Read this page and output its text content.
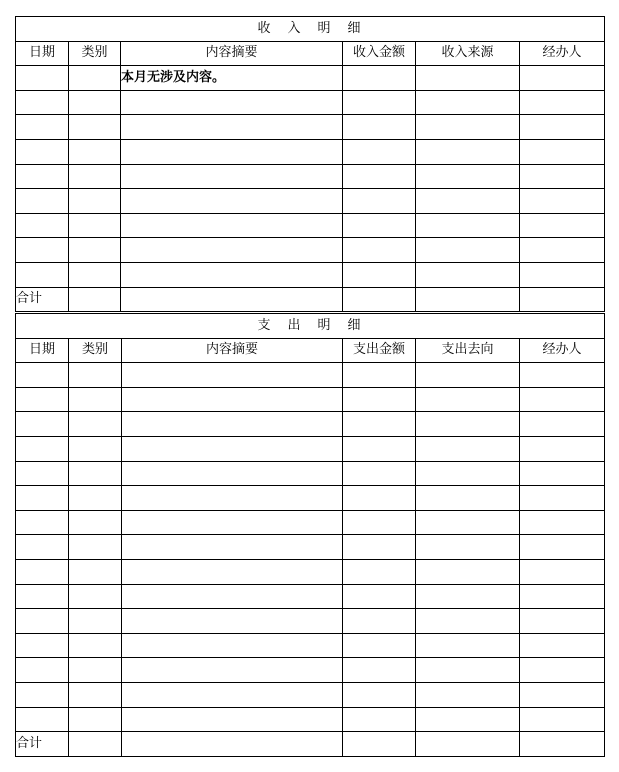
收　入　明　细					
日期	类别	内容摘要	收入金额	收入来源	经办人
		本月无涉及内容。			

合计					
支　出　明　细					
日期	类别	内容摘要	支出金额	支出去向	经办人

合计					
